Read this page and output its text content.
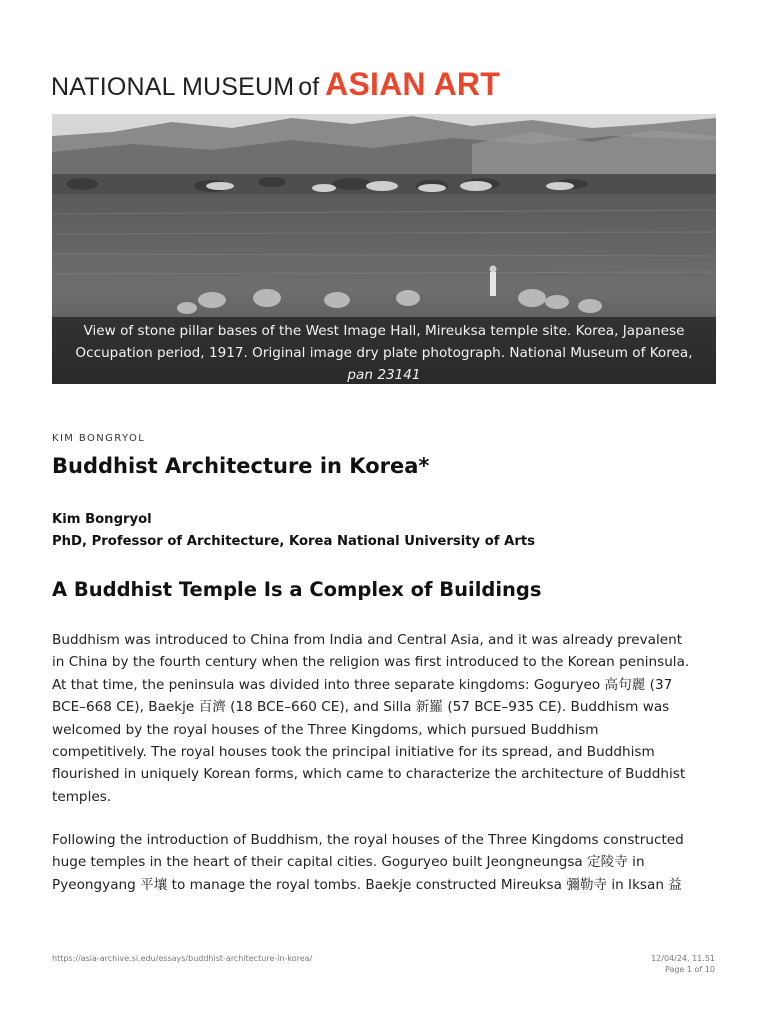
NATIONAL MUSEUM of ASIAN ART
View of stone pillar bases of the West Image Hall, Mireuksa temple site. Korea, Japanese
Occupation period, 1917. Original image dry plate photograph. National Museum of Korea,
pan 23141
KIM BONGRYOL
Buddhist Architecture in Korea*
Kim Bongryol
PhD, Professor of Architecture, Korea National University of Arts
A Buddhist Temple Is a Complex of Buildings
Buddhism was introduced to China from India and Central Asia, and it was already prevalent
in China by the fourth century when the religion was first introduced to the Korean peninsula.
At that time, the peninsula was divided into three separate kingdoms: Goguryeo 高句麗 (37
BCE–668 CE), Baekje 百濟 (18 BCE–660 CE), and Silla 新羅 (57 BCE–935 CE). Buddhism was
welcomed by the royal houses of the Three Kingdoms, which pursued Buddhism
competitively. The royal houses took the principal initiative for its spread, and Buddhism
flourished in uniquely Korean forms, which came to characterize the architecture of Buddhist
temples.
Following the introduction of Buddhism, the royal houses of the Three Kingdoms constructed
huge temples in the heart of their capital cities. Goguryeo built Jeongneungsa 定陵寺 in
Pyeongyang 平壤 to manage the royal tombs. Baekje constructed Mireuksa 彌勒寺 in Iksan 益
https://asia-archive.si.edu/essays/buddhist-architecture-in-korea/	12/04/24, 11.51
Page 1 of 10
